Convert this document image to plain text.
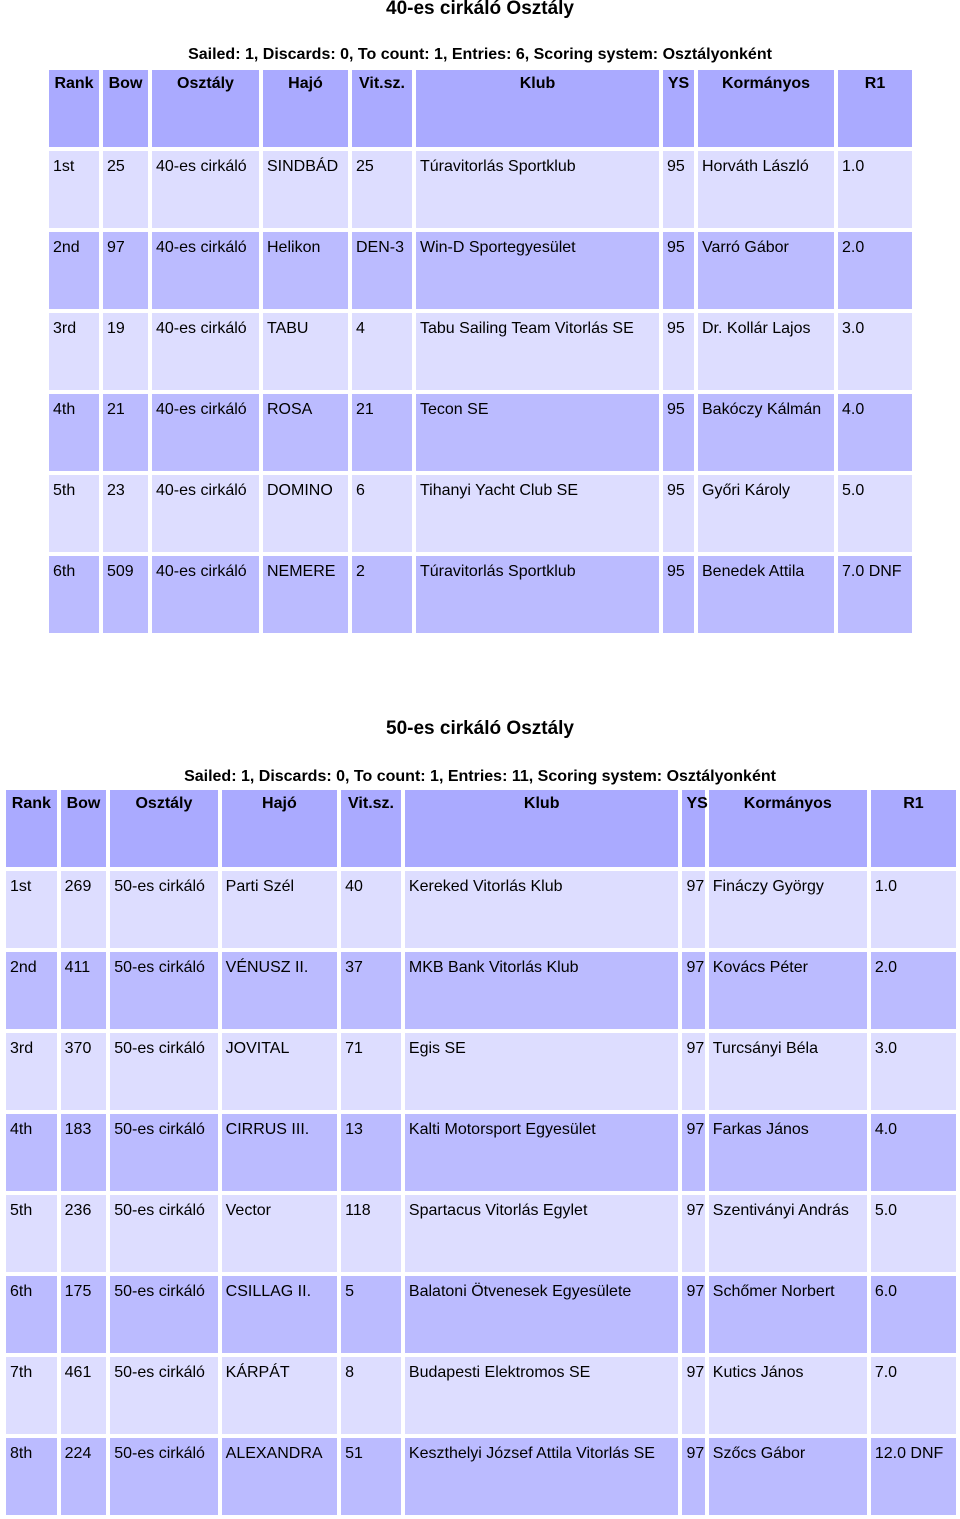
40-es cirkáló Osztály

Sailed: 1, Discards: 0, To count: 1, Entries: 6, Scoring system: Osztályonként

Rank	Bow	Osztály	Hajó	Vit.sz.	Klub	YS	Kormányos	R1
1st	25	40-es cirkáló	SINDBÁD	25	Túravitorlás Sportklub	95	Horváth László	1.0
2nd	97	40-es cirkáló	Helikon	DEN-3	Win-D Sportegyesület	95	Varró Gábor	2.0
3rd	19	40-es cirkáló	TABU	4	Tabu Sailing Team Vitorlás SE	95	Dr. Kollár Lajos	3.0
4th	21	40-es cirkáló	ROSA	21	Tecon SE	95	Bakóczy Kálmán	4.0
5th	23	40-es cirkáló	DOMINO	6	Tihanyi Yacht Club SE	95	Győri Károly	5.0
6th	509	40-es cirkáló	NEMERE	2	Túravitorlás Sportklub	95	Benedek Attila	7.0 DNF
50-es cirkáló Osztály

Sailed: 1, Discards: 0, To count: 1, Entries: 11, Scoring system: Osztályonként

Rank	Bow	Osztály	Hajó	Vit.sz.	Klub	YS	Kormányos	R1
1st	269	50-es cirkáló	Parti Szél	40	Kereked Vitorlás Klub	97	Fináczy György	1.0
2nd	411	50-es cirkáló	VÉNUSZ II.	37	MKB Bank Vitorlás Klub	97	Kovács Péter	2.0
3rd	370	50-es cirkáló	JOVITAL	71	Egis SE	97	Turcsányi Béla	3.0
4th	183	50-es cirkáló	CIRRUS III.	13	Kalti Motorsport Egyesület	97	Farkas János	4.0
5th	236	50-es cirkáló	Vector	118	Spartacus Vitorlás Egylet	97	Szentiványi András	5.0
6th	175	50-es cirkáló	CSILLAG II.	5	Balatoni Ötvenesek Egyesülete	97	Schőmer Norbert	6.0
7th	461	50-es cirkáló	KÁRPÁT	8	Budapesti Elektromos SE	97	Kutics János	7.0
8th	224	50-es cirkáló	ALEXANDRA	51	Keszthelyi József Attila Vitorlás SE	97	Szőcs Gábor	12.0 DNF
